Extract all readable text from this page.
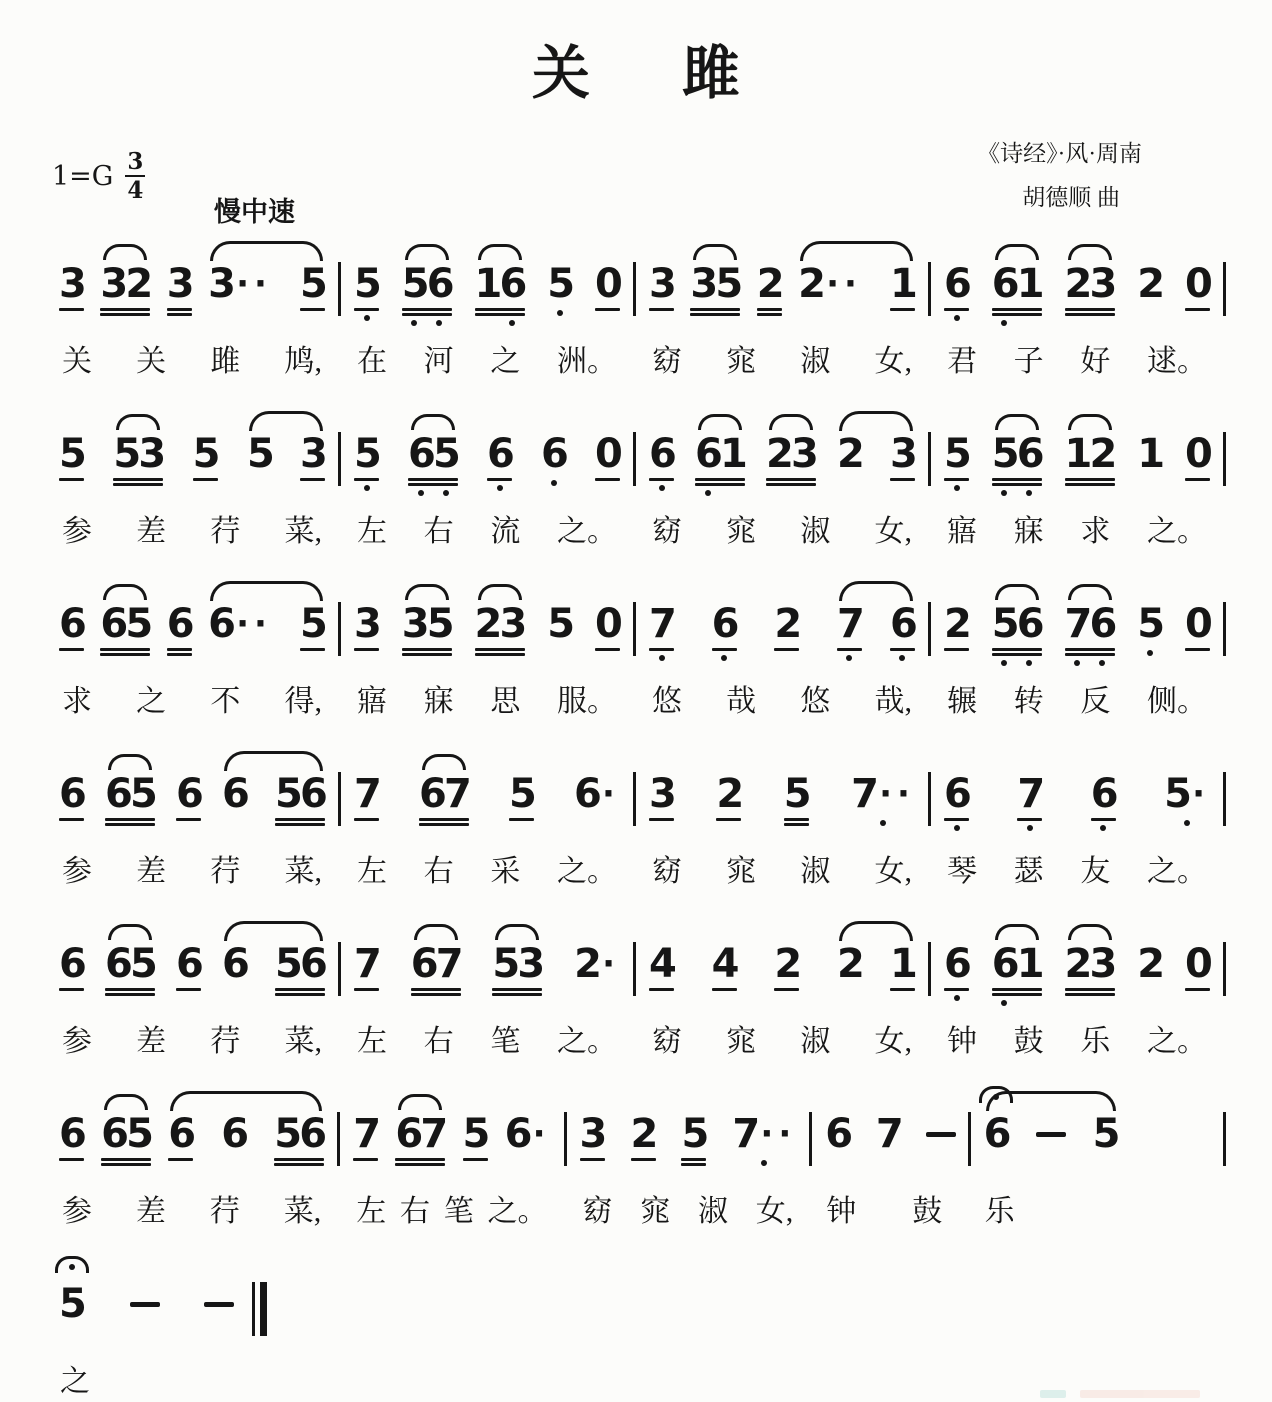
关 雎
《诗经》·风·周南
胡德顺 曲
$1=G \frac{3}{4}$
慢中速
3 3
2 3 3 ·· 5
关 关 雎 鸠,
5 5
6 1
6 5 0
在 河 之 洲。
3 3
5 2 2 ·· 1
窈 窕 淑 女,
6 6
1 2
3 2 0
君 子 好 逑。
5 5
3 5 5 3
参 差 荇 菜,
5 6
5 6 6 0
左 右 流 之。
6 6
1 2
3 2 3
窈 窕 淑 女,
5 5
6 1
2 1 0
寤 寐 求 之。
6 6
5 6 6 ·· 5
求 之 不 得,
3 3
5 2
3 5 0
寤 寐 思 服。
7 6 2 7 6
悠 哉 悠 哉,
2 5
6 7
6 5 0
辗 转 反 侧。
6 6
5 6 6 5
6
参 差 荇 菜,
7 6
7 5 6 ·
左 右 采 之。
3 2 5 7 ··
窈 窕 淑 女,
6 7 6 5 ·
琴 瑟 友 之。
6 6
5 6 6 5
6
参 差 荇 菜,
7 6
7 5
3 2 ·
左 右 笔 之。
4 4 2 2 1
窈 窕 淑 女,
6 6
1 2
3 2 0
钟 鼓 乐 之。
6 6
5 6 6 5
6
参 差 荇 菜,
7 6
7 5 6 ·
左 右 笔 之。
3 2 5 7 ··
窈 窕 淑 女,
6 7
钟 鼓
6 5
乐
5
之
